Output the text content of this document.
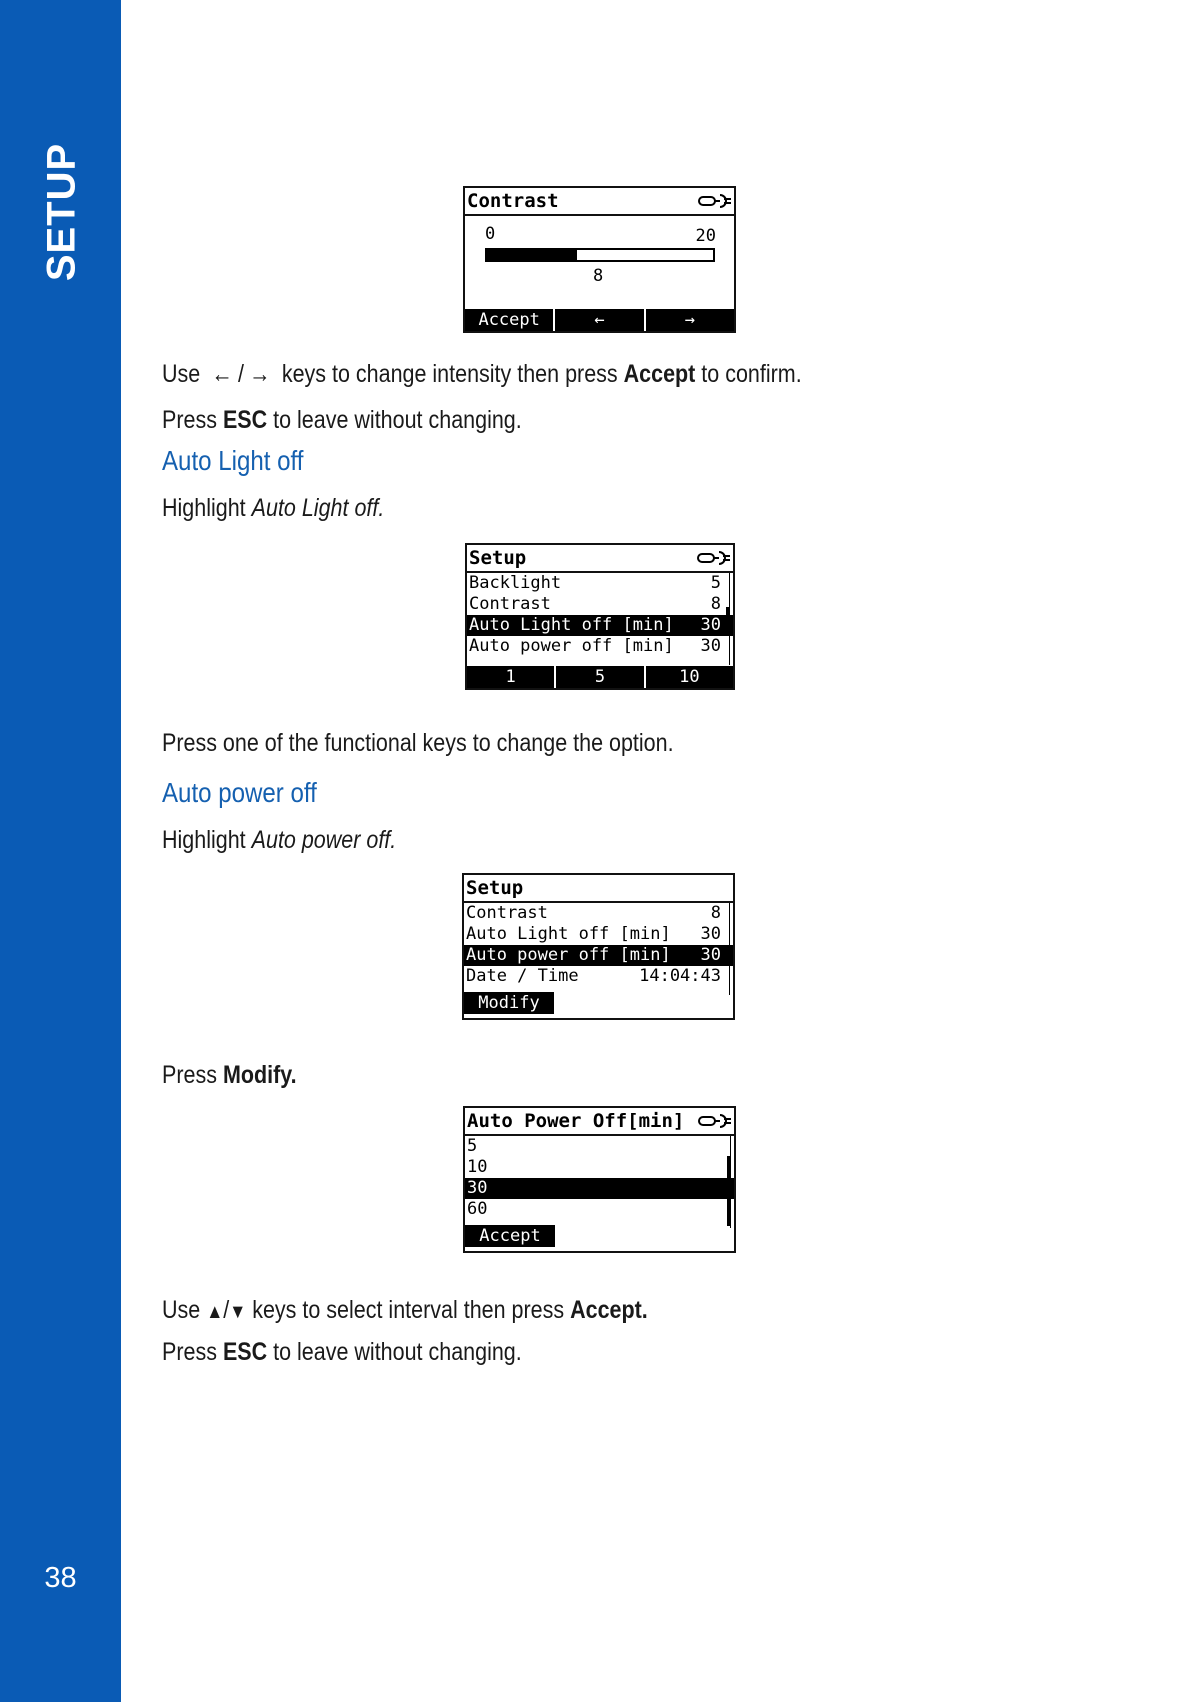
SETUP
38
Contrast
0	20
8
Accept	←	→
Use ← / → keys to change intensity then press Accept to confirm.
Press ESC to leave without changing.
Auto Light off
Highlight Auto Light off.
Setup
Backlight	5
Contrast	8
Auto Light off [min] 30
Auto power off [min] 30
1	5	10
Press one of the functional keys to change the option.
Auto power off
Highlight Auto power off.
Setup
Contrast	8
Auto Light off [min] 30
Auto power off [min] 30
Date / Time	14:04:43
Modify
Press Modify.
Auto Power Off[min]
5
10
30
60
Accept
Use ▲/▼ keys to select interval then press Accept.
Press ESC to leave without changing.
